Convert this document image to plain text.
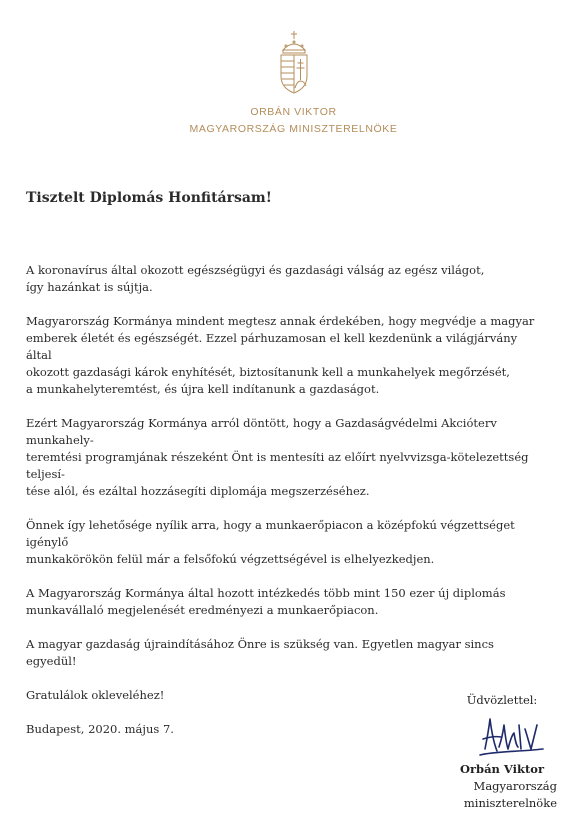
ORBÁN VIKTOR
MAGYARORSZÁG MINISZTERELNÖKE
Tisztelt Diplomás Honfitársam!

A koronavírus által okozott egészségügyi és gazdasági válság az egész világot,
így hazánkat is sújtja.

Magyarország Kormánya mindent megtesz annak érdekében, hogy megvédje a magyar
emberek életét és egészségét. Ezzel párhuzamosan el kell kezdenünk a világjárvány által
okozott gazdasági károk enyhítését, biztosítanunk kell a munkahelyek megőrzését,
a munkahelyteremtést, és újra kell indítanunk a gazdaságot.

Ezért Magyarország Kormánya arról döntött, hogy a Gazdaságvédelmi Akcióterv munkahely-
teremtési programjának részeként Önt is mentesíti az előírt nyelvvizsga-kötelezettség teljesí-
tése alól, és ezáltal hozzásegíti diplomája megszerzéséhez.

Önnek így lehetősége nyílik arra, hogy a munkaerőpiacon a középfokú végzettséget igénylő
munkakörökön felül már a felsőfokú végzettségével is elhelyezkedjen.

A Magyarország Kormánya által hozott intézkedés több mint 150 ezer új diplomás
munkavállaló megjelenését eredményezi a munkaerőpiacon.

A magyar gazdaság újraindításához Önre is szükség van. Egyetlen magyar sincs egyedül!

Gratulálok okleveléhez!

Budapest, 2020. május 7.

Üdvözlettel:
Orbán Viktor
Magyarország miniszterelnöke
